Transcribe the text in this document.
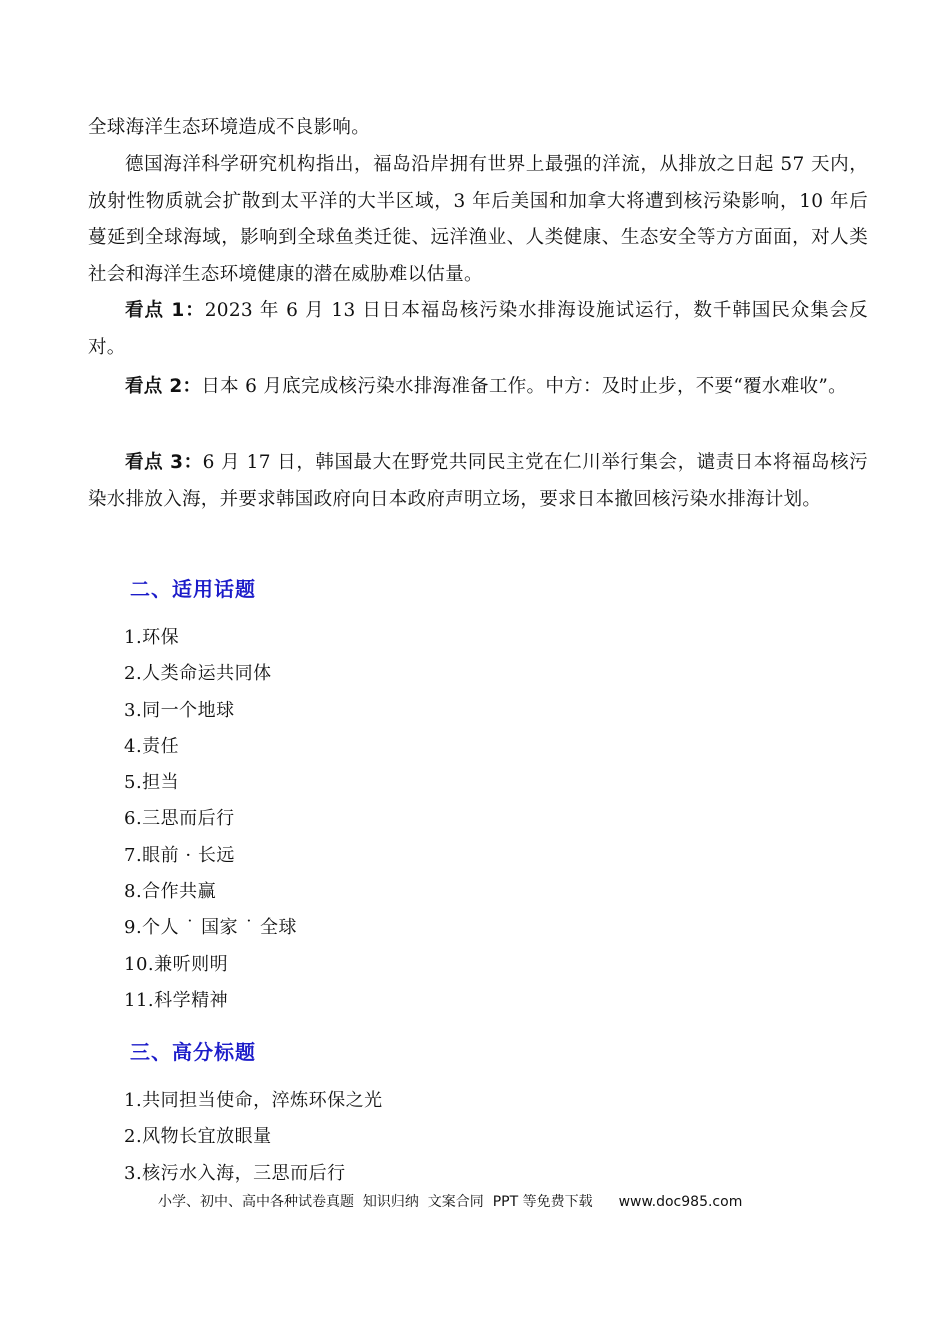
全球海洋生态环境造成不良影响。

德国海洋科学研究机构指出，福岛沿岸拥有世界上最强的洋流，从排放之日起 57 天内，放射性物质就会扩散到太平洋的大半区域，3 年后美国和加拿大将遭到核污染影响，10 年后蔓延到全球海域，影响到全球鱼类迁徙、远洋渔业、人类健康、生态安全等方方面面，对人类社会和海洋生态环境健康的潜在威胁难以估量。

看点 1：2023 年 6 月 13 日日本福岛核污染水排海设施试运行，数千韩国民众集会反对。

看点 2：日本 6 月底完成核污染水排海准备工作。中方：及时止步，不要“覆水难收”。

看点 3：6 月 17 日，韩国最大在野党共同民主党在仁川举行集会，谴责日本将福岛核污染水排放入海，并要求韩国政府向日本政府声明立场，要求日本撤回核污染水排海计划。

二、适用话题
1.环保
2.人类命运共同体
3.同一个地球
4.责任
5.担当
6.三思而后行
7.眼前 · 长远
8.合作共赢
9.个人 ˙ 国家 ˙ 全球
10.兼听则明
11.科学精神
三、高分标题
1.共同担当使命，淬炼环保之光
2.风物长宜放眼量
3.核污水入海，三思而后行
小学、初中、高中各种试卷真题  知识归纳  文案合同  PPT 等免费下载 www.doc985.com
